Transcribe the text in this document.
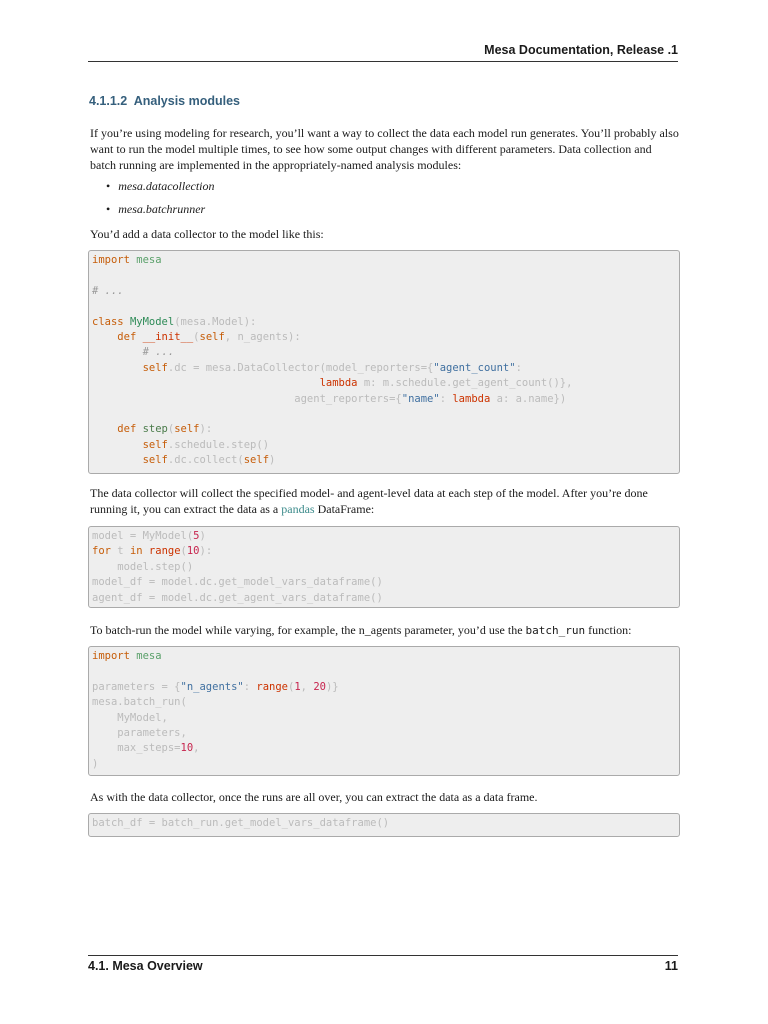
Mesa Documentation, Release .1
4.1.1.2 Analysis modules
If you’re using modeling for research, you’ll want a way to collect the data each model run generates. You’ll probably also want to run the model multiple times, to see how some output changes with different parameters. Data collection and batch running are implemented in the appropriately-named analysis modules:
• mesa.datacollection
• mesa.batchrunner
You’d add a data collector to the model like this:
import mesa

# ...

class MyModel(mesa.Model):
def __init__(self, n_agents):
# ...
self.dc = mesa.DataCollector(model_reporters={"agent_count":
lambda m: m.schedule.get_agent_count()},
agent_reporters={"name": lambda a: a.name})

def step(self):
self.schedule.step()
self.dc.collect(self)
The data collector will collect the specified model- and agent-level data at each step of the model. After you’re done running it, you can extract the data as a pandas DataFrame:
model = MyModel(5)
for t in range(10):
model.step()
model_df = model.dc.get_model_vars_dataframe()
agent_df = model.dc.get_agent_vars_dataframe()
To batch-run the model while varying, for example, the n_agents parameter, you’d use the batch_run function:
import mesa

parameters = {"n_agents": range(1, 20)}
mesa.batch_run(
MyModel,
parameters,
max_steps=10,
)
As with the data collector, once the runs are all over, you can extract the data as a data frame.
batch_df = batch_run.get_model_vars_dataframe()
4.1. Mesa Overview	11
